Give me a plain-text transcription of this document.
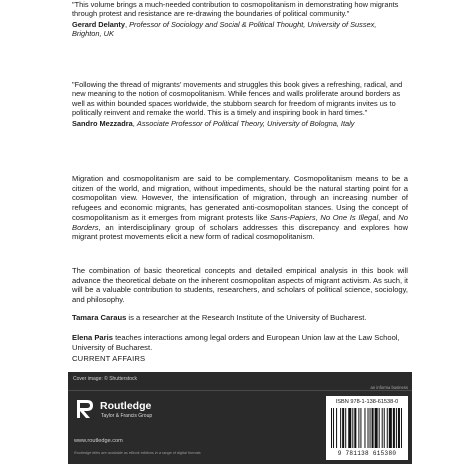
"This volume brings a much-needed contribution to cosmopolitanism in demonstrating how migrants through protest and resistance are re-drawing the boundaries of political community."
Gerard Delanty, Professor of Sociology and Social & Political Thought, University of Sussex, Brighton, UK
"Following the thread of migrants' movements and struggles this book gives a refreshing, radical, and new meaning to the notion of cosmopolitanism. While fences and walls proliferate around borders as well as within bounded spaces worldwide, the stubborn search for freedom of migrants invites us to politically reinvent and remake the world. This is a timely and inspiring book in hard times."
Sandro Mezzadra, Associate Professor of Political Theory, University of Bologna, Italy

Migration and cosmopolitanism are said to be complementary. Cosmopolitanism means to be a citizen of the world, and migration, without impediments, should be the natural starting point for a cosmopolitan view. However, the intensification of migration, through an increasing number of refugees and economic migrants, has generated anti-cosmopolitan stances. Using the concept of cosmopolitanism as it emerges from migrant protests like Sans-Papiers, No One Is Illegal, and No Borders, an interdisciplinary group of scholars addresses this discrepancy and explores how migrant protest movements elicit a new form of radical cosmopolitanism.

The combination of basic theoretical concepts and detailed empirical analysis in this book will advance the theoretical debate on the inherent cosmopolitan aspects of migrant activism. As such, it will be a valuable contribution to students, researchers, and scholars of political science, sociology, and philosophy.

Tamara Caraus is a researcher at the Research Institute of the University of Bucharest.

Elena Paris teaches interactions among legal orders and European Union law at the Law School, University of Bucharest.

CURRENT AFFAIRS
Cover image: © Shutterstock
an informa business
Routledge
Taylor & Francis Group
www.routledge.com
Routledge titles are available as eBook editions in a range of digital formats
ISBN 978-1-138-61538-0
9 781138 615380
